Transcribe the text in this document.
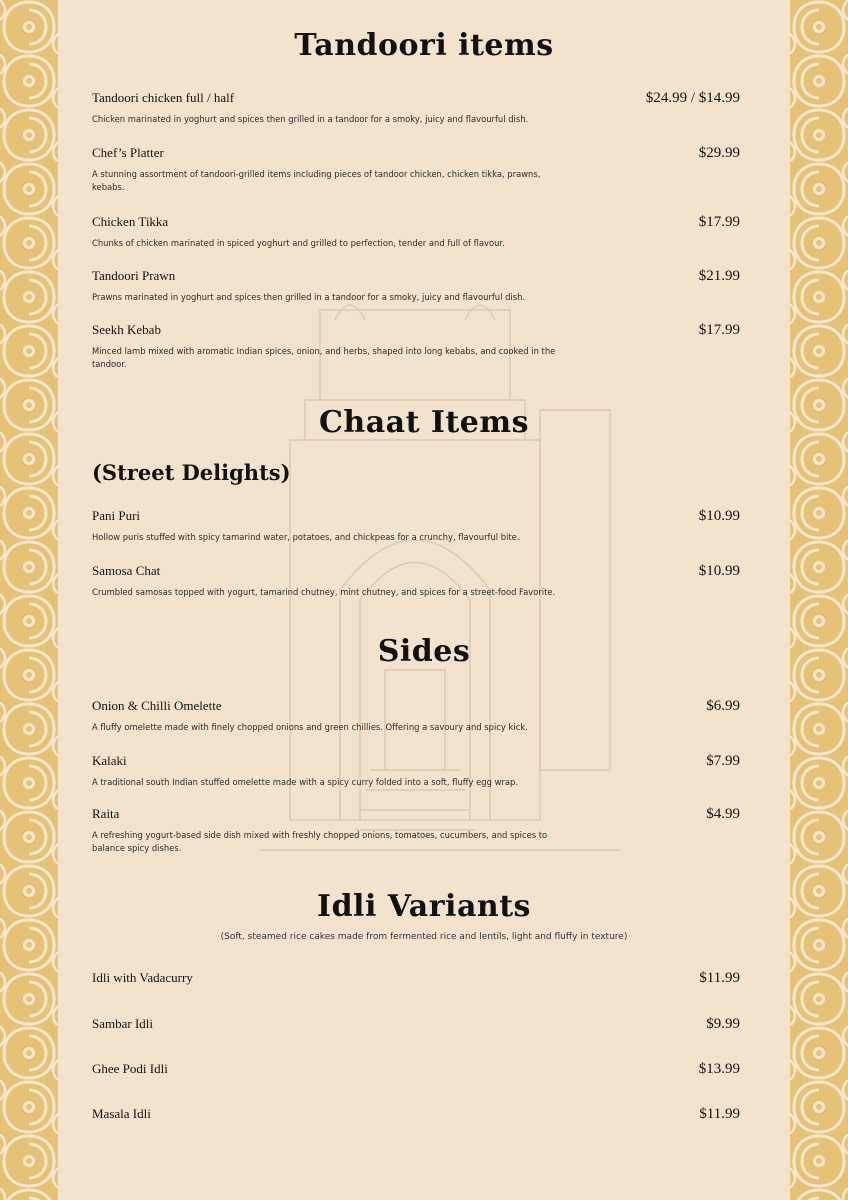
Tandoori items
Tandoori chicken full / half	$24.99 / $14.99
Chicken marinated in yoghurt and spices then grilled in a tandoor for a smoky, juicy and flavourful dish.
Chef’s Platter	$29.99
A stunning assortment of tandoori-grilled items including pieces of tandoor chicken, chicken tikka, prawns, kebabs.
Chicken Tikka	$17.99
Chunks of chicken marinated in spiced yoghurt and grilled to perfection, tender and full of flavour.
Tandoori Prawn	$21.99
Prawns marinated in yoghurt and spices then grilled in a tandoor for a smoky, juicy and flavourful dish.
Seekh Kebab	$17.99
Minced lamb mixed with aromatic Indian spices, onion, and herbs, shaped into long kebabs, and cooked in the tandoor.
Chaat Items
(Street Delights)
Pani Puri	$10.99
Hollow puris stuffed with spicy tamarind water, potatoes, and chickpeas for a crunchy, flavourful bite.
Samosa Chat	$10.99
Crumbled samosas topped with yogurt, tamarind chutney, mint chutney, and spices for a street-food Favorite.
Sides
Onion & Chilli Omelette	$6.99
A fluffy omelette made with finely chopped onions and green chillies. Offering a savoury and spicy kick.
Kalaki	$7.99
A traditional south Indian stuffed omelette made with a spicy curry folded into a soft, fluffy egg wrap.
Raita	$4.99
A refreshing yogurt-based side dish mixed with freshly chopped onions, tomatoes, cucumbers, and spices to balance spicy dishes.
Idli Variants
(Soft, steamed rice cakes made from fermented rice and lentils, light and fluffy in texture)
Idli with Vadacurry	$11.99
Sambar Idli	$9.99
Ghee Podi Idli	$13.99
Masala Idli	$11.99
